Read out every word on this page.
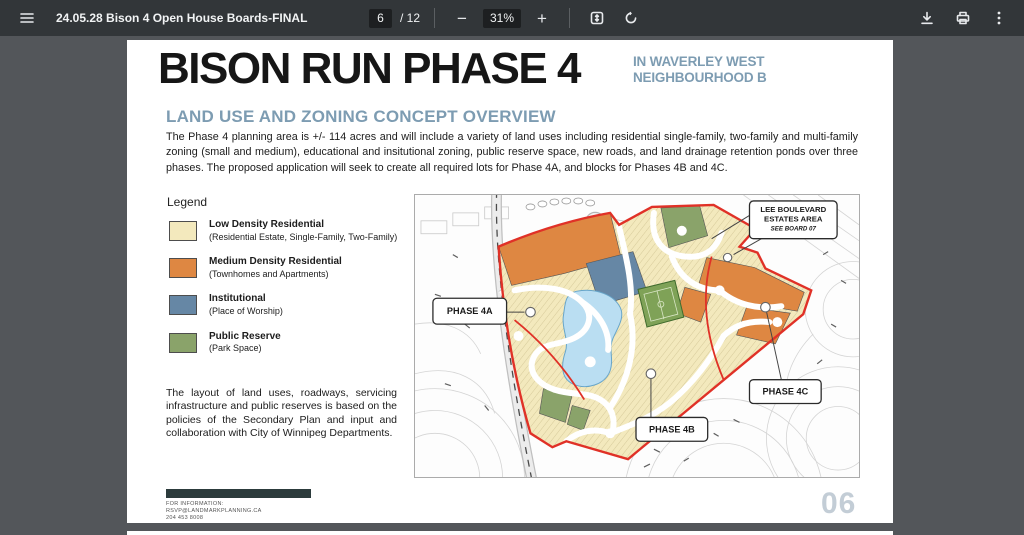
24.05.28 Bison 4 Open House Boards-FINAL
6	/ 12	−	31%	+
BISON RUN PHASE 4	IN WAVERLEY WEST
NEIGHBOURHOOD B
LAND USE AND ZONING CONCEPT OVERVIEW
The Phase 4 planning area is +/- 114 acres and will include a variety of land uses including residential single-family, two-family and multi-family zoning (small and medium), educational and insitutional zoning, public reserve space, new roads, and land drainage retention ponds over three phases. The proposed application will seek to create all required lots for Phase 4A, and blocks for Phases 4B and 4C.
Legend
Low Density Residential
(Residential Estate, Single-Family, Two-Family)
Medium Density Residential
(Townhomes and Apartments)
Institutional
(Place of Worship)
Public Reserve
(Park Space)
The layout of land uses, roadways, servicing infrastructure and public reserves is based on the policies of the Secondary Plan and input and collaboration with City of Winnipeg Departments.
FOR INFORMATION:
RSVP@LANDMARKPLANNING.CA
204 453 8008	06
PHASE 4A
LEE BOULEVARD
ESTATES AREA
SEE BOARD 07
PHASE 4C
PHASE 4B
